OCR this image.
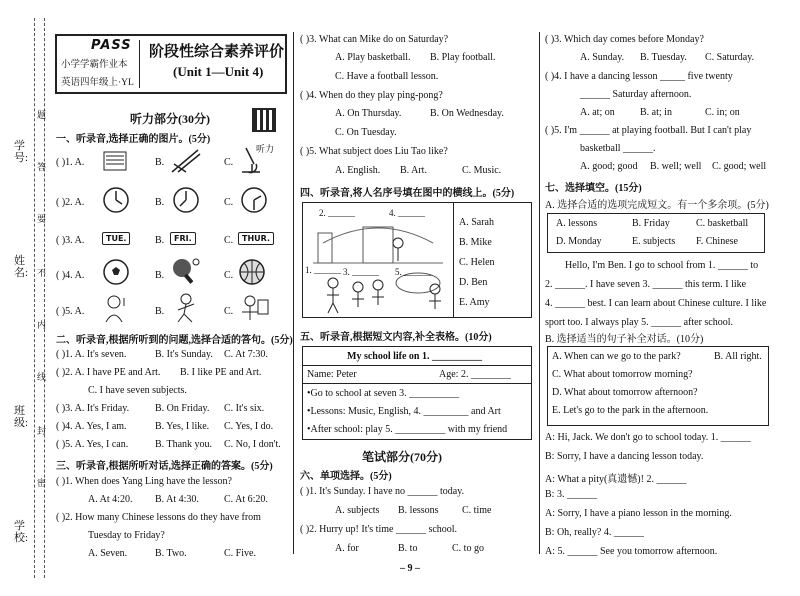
学号:
姓名:
班级:
学校:
题
答
要
不
内
线
封
密
PASS
小学学霸作业本
英语四年级上·YL
阶段性综合素养评价
(Unit 1—Unit 4)
听力部分(30分)
听力
一、听录音,选择正确的图片。(5分)
( )1. A.	B.	C.
( )2. A.	B.	C.
( )3. A.	TUE.	B.	FRI.	C.	THUR.
( )4. A.	B.	C.
( )5. A.	B.	C.
二、听录音,根据所听到的问题,选择合适的答句。(5分)
( )1. A. It's seven.	B. It's Sunday. C. At 7:30.
( )2. A. I have PE and Art. B. I like PE and Art.
C. I have seven subjects.
( )3. A. It's Friday.	B. On Friday. C. It's six.
( )4. A. Yes, I am.	B. Yes, I like. C. Yes, I do.
( )5. A. Yes, I can.	B. Thank you. C. No, I don't.
三、听录音,根据所听对话,选择正确的答案。(5分)
( )1. When does Yang Ling have the lesson?
A. At 4:20. B. At 4:30.	C. At 6:20.
( )2. How many Chinese lessons do they have from
Tuesday to Friday?
A. Seven.	B. Two.	C. Five.
( )3. What can Mike do on Saturday?
A. Play basketball. B. Play football.
C. Have a football lesson.
( )4. When do they play ping-pong?
A. On Thursday.	B. On Wednesday.
C. On Tuesday.
( )5. What subject does Liu Tao like?
A. English. B. Art.	C. Music.
四、听录音,将人名序号填在图中的横线上。(5分)
2. ______	4. ______
1. ______ 3. ______ 5. ______
A. Sarah
B. Mike
C. Helen
D. Ben
E. Amy
五、听录音,根据短文内容,补全表格。(10分)
My school life on 1. __________
Name: Peter	Age: 2. ________
•Go to school at seven 3. __________
•Lessons: Music, English, 4. _________ and Art
•After school: play 5. __________ with my friend
笔试部分(70分)
六、单项选择。(5分)
( )1. It's Sunday. I have no ______ today.
A. subjects B. lessons C. time
( )2. Hurry up! It's time ______ school.
A. for	B. to	C. to go
– 9 –
( )3. Which day comes before Monday?
A. Sunday. B. Tuesday. C. Saturday.
( )4. I have a dancing lesson _____ five twenty
______ Saturday afternoon.
A. at; on	B. at; in	C. in; on
( )5. I'm ______ at playing football. But I can't play
basketball ______.
A. good; good B. well; well C. good; well
七、选择填空。(15分)
A. 选择合适的选项完成短文。有一个多余项。(5分)
A. lessons	B. Friday	C. basketball
D. Monday	E. subjects F. Chinese
Hello, I'm Ben. I go to school from 1. ______ to
2. ______. I have seven 3. ______ this term. I like
4. ______ best. I can learn about Chinese culture. I like
sport too. I always play 5. ______ after school.
B. 选择适当的句子补全对话。(10分)
A. When can we go to the park?	B. All right.
C. What about tomorrow morning?
D. What about tomorrow afternoon?
E. Let's go to the park in the afternoon.
A: Hi, Jack. We don't go to school today. 1. ______
B: Sorry, I have a dancing lesson today.
A: What a pity(真遗憾)! 2. ______
B: 3. ______
A: Sorry, I have a piano lesson in the morning.
B: Oh, really? 4. ______
A: 5. ______ See you tomorrow afternoon.
